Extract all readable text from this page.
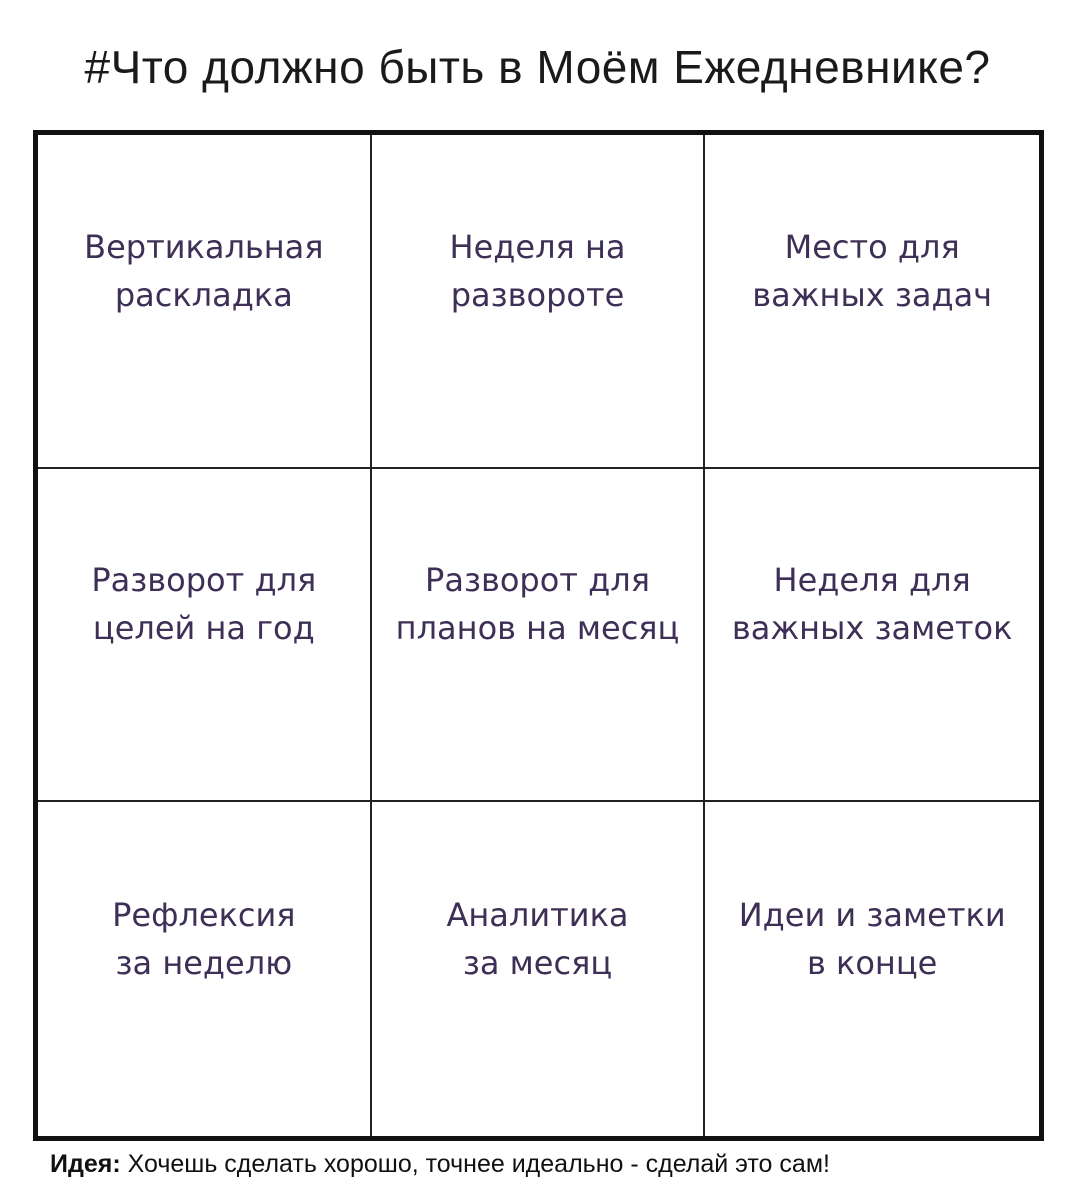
#Что должно быть в Моём Ежедневнике?
Вертикальная
раскладка
Неделя на
развороте
Место для
важных задач
Разворот для
целей на год
Разворот для
планов на месяц
Неделя для
важных заметок
Рефлексия
за неделю
Аналитика
за месяц
Идеи и заметки
в конце
Идея: Хочешь сделать хорошо, точнее идеально - сделай это сам!
